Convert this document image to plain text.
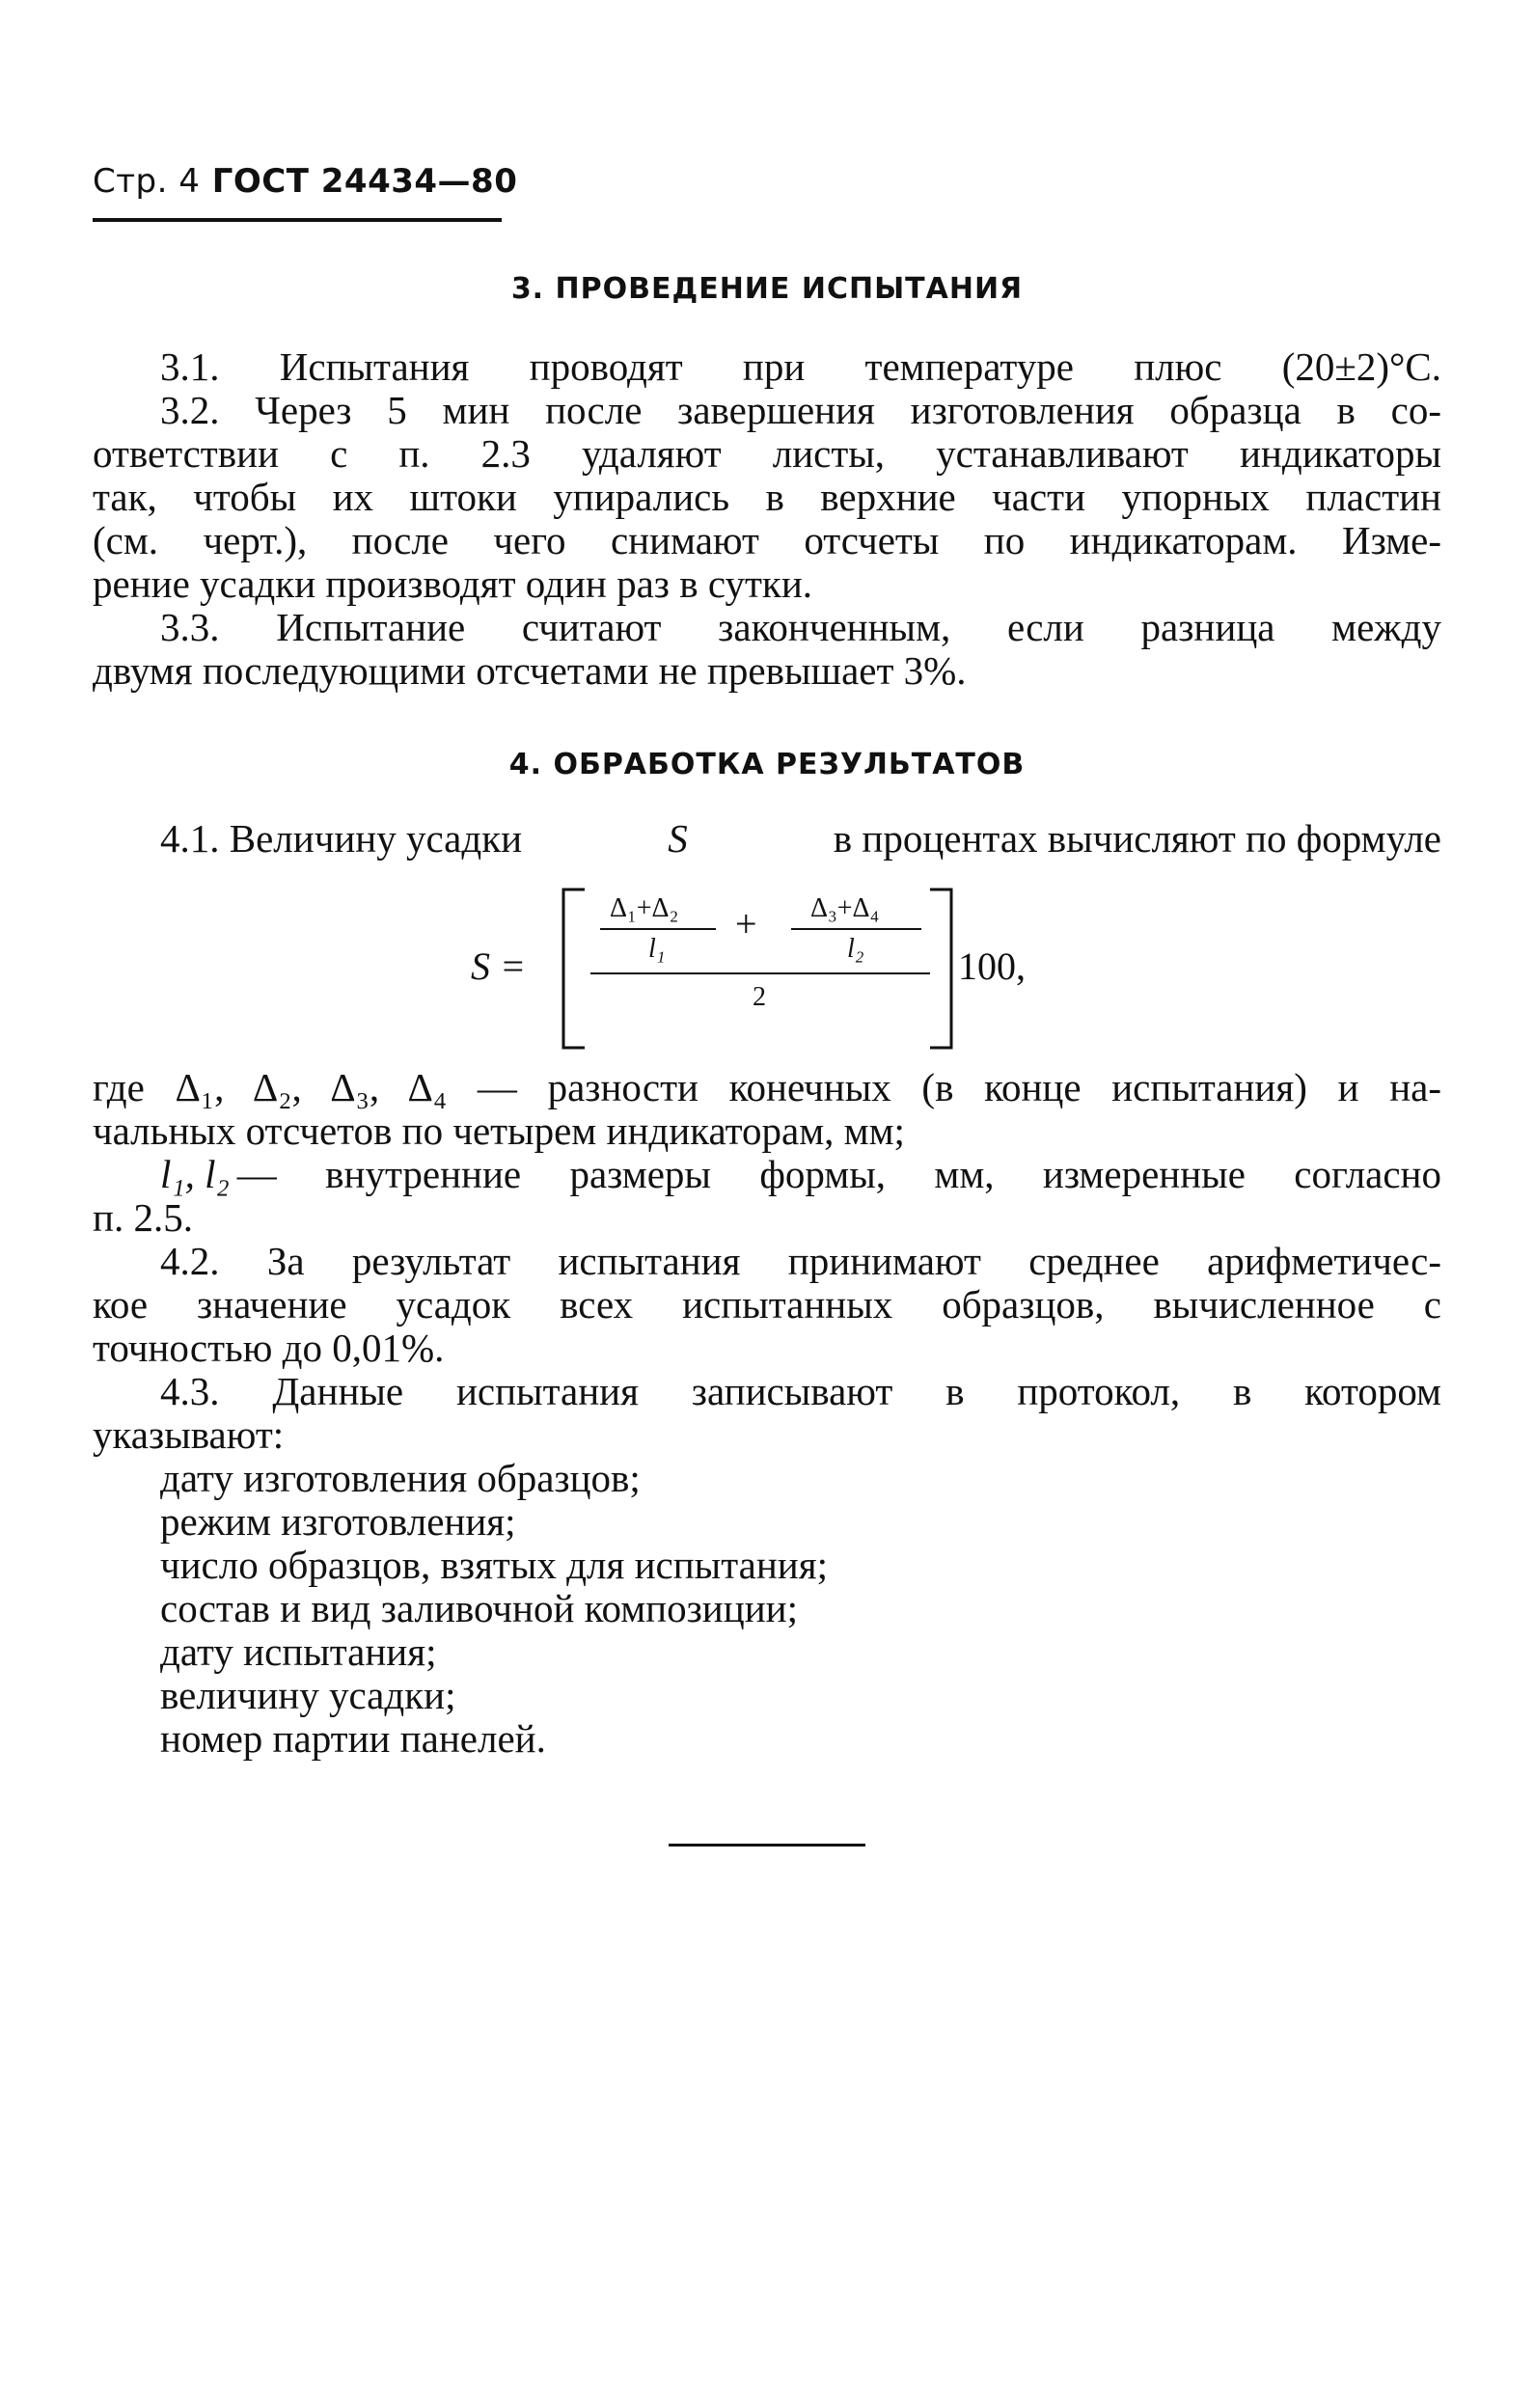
Стр. 4 ГОСТ 24434—80
3. ПРОВЕДЕНИЕ ИСПЫТАНИЯ
3.1. Испытания проводят при температуре плюс (20±2)°С.
3.2. Через 5 мин после завершения изготовления образца в со-
ответствии с п. 2.3 удаляют листы, устанавливают индикаторы
так, чтобы их штоки упирались в верхние части упорных пластин
(см. черт.), после чего снимают отсчеты по индикаторам. Изме-
рение усадки производят один раз в сутки.
3.3. Испытание считают законченным, если разница между
двумя последующими отсчетами не превышает 3%.
4. ОБРАБОТКА РЕЗУЛЬТАТОВ
4.1. Величину усадки	S	в процентах вычисляют по формуле
S =
Δ₁+Δ₂
l₁
+ Δ₃+Δ₄
l₂
2
100,
где Δ₁, Δ₂, Δ₃, Δ₄ — разности конечных (в конце испытания) и на-
чальных отсчетов по четырем индикаторам, мм;
l₁, l₂ — внутренние размеры формы, мм, измеренные согласно
п. 2.5.
4.2. За результат испытания принимают среднее арифметичес-
кое значение усадок всех испытанных образцов, вычисленное с
точностью до 0,01%.
4.3. Данные испытания записывают в протокол, в котором
указывают:
дату изготовления образцов;
режим изготовления;
число образцов, взятых для испытания;
состав и вид заливочной композиции;
дату испытания;
величину усадки;
номер партии панелей.
